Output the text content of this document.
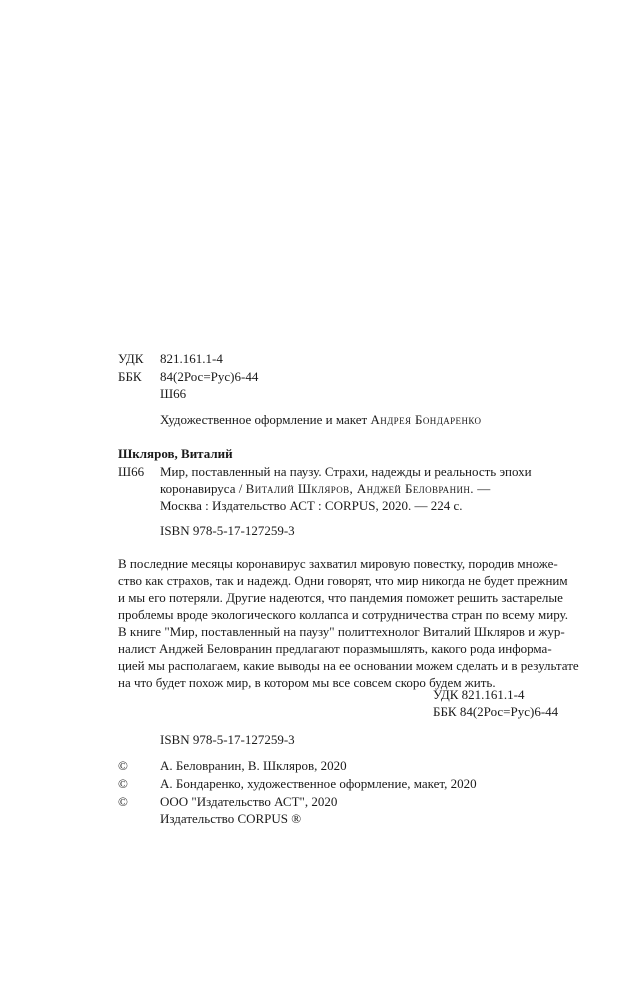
УДК 821.161.1-4
ББК 84(2Рос=Рус)6-44
Ш66
Художественное оформление и макет Андрея Бондаренко
Шкляров, Виталий
Ш66 Мир, поставленный на паузу. Страхи, надежды и реальность эпохи
коронавируса / Виталий Шкляров, Анджей Беловранин. —
Москва : Издательство АСТ : CORPUS, 2020. — 224 с.
ISBN 978-5-17-127259-3
В последние месяцы коронавирус захватил мировую повестку, породив множе-
ство как страхов, так и надежд. Одни говорят, что мир никогда не будет прежним
и мы его потеряли. Другие надеются, что пандемия поможет решить застарелые
проблемы вроде экологического коллапса и сотрудничества стран по всему миру.
В книге "Мир, поставленный на паузу" политтехнолог Виталий Шкляров и жур-
налист Анджей Беловранин предлагают поразмышлять, какого рода информа-
цией мы располагаем, какие выводы на ее основании можем сделать и в результате
на что будет похож мир, в котором мы все совсем скоро будем жить.
УДК 821.161.1-4
ББК 84(2Рос=Рус)6-44
ISBN 978-5-17-127259-3
© А. Беловранин, В. Шкляров, 2020
© А. Бондаренко, художественное оформление, макет, 2020
© ООО "Издательство АСТ", 2020
Издательство CORPUS ®
